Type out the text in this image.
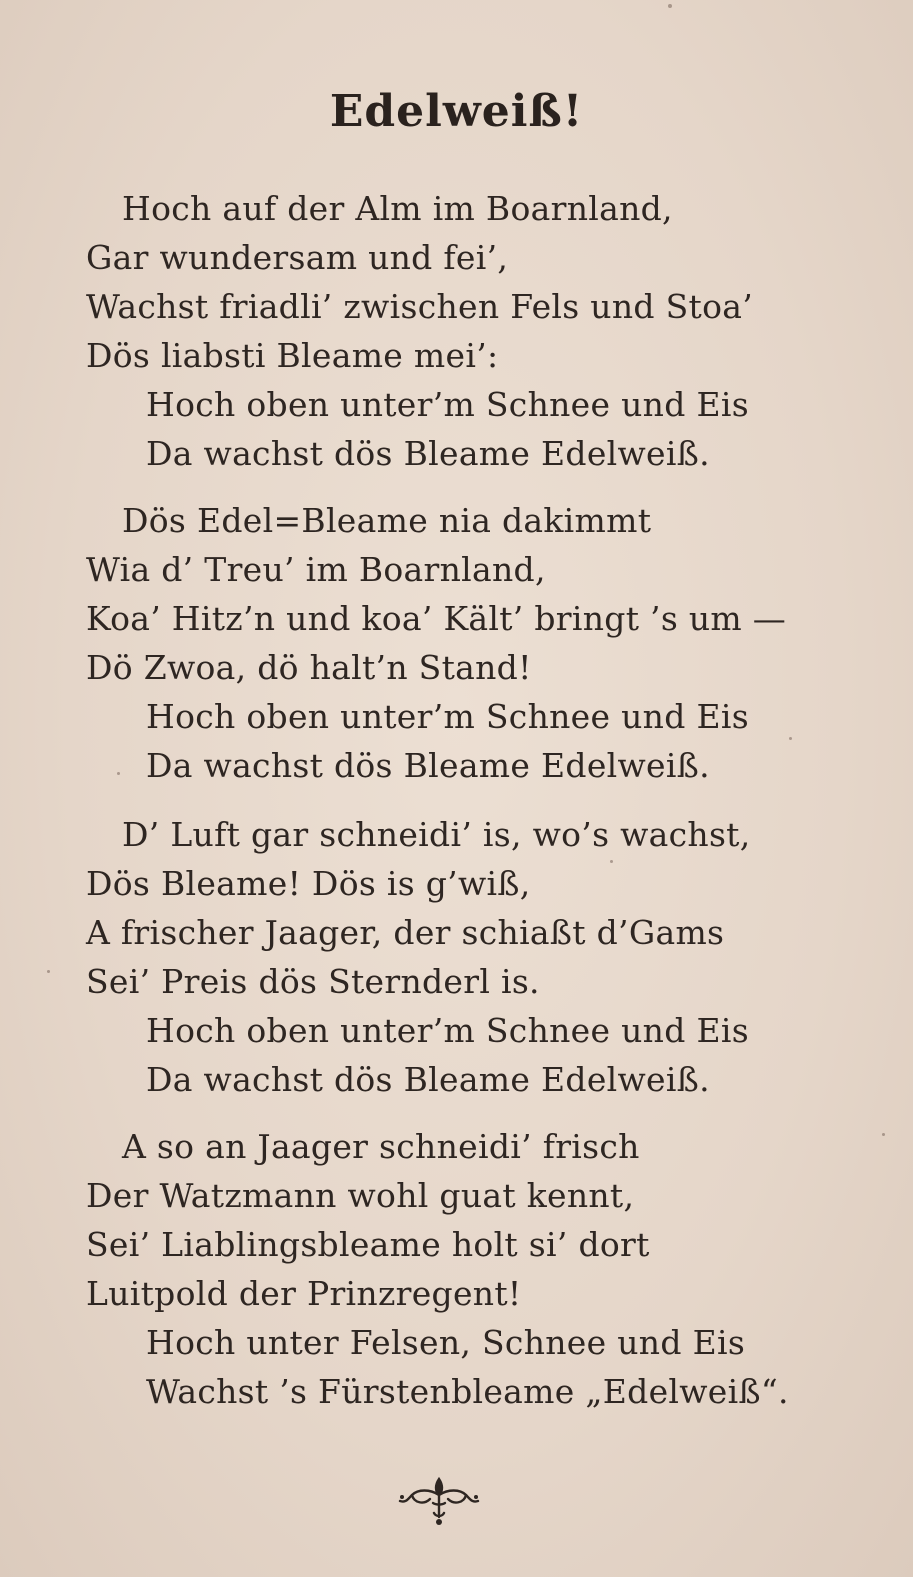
Edelweiß!
Hoch auf der Alm im Boarnland,
Gar wundersam und fei’,
Wachst friadli’ zwischen Fels und Stoa’
Dös liabsti Bleame mei’:
Hoch oben unter’m Schnee und Eis
Da wachst dös Bleame Edelweiß.
Dös Edel=Bleame nia dakimmt
Wia d’ Treu’ im Boarnland,
Koa’ Hitz’n und koa’ Kält’ bringt ’s um —
Dö Zwoa, dö halt’n Stand!
Hoch oben unter’m Schnee und Eis
Da wachst dös Bleame Edelweiß.
D’ Luft gar schneidi’ is, wo’s wachst,
Dös Bleame! Dös is g’wiß,
A frischer Jaager, der schiaßt d’Gams
Sei’ Preis dös Sternderl is.
Hoch oben unter’m Schnee und Eis
Da wachst dös Bleame Edelweiß.
A so an Jaager schneidi’ frisch
Der Watzmann wohl guat kennt,
Sei’ Liablingsbleame holt si’ dort
Luitpold der Prinzregent!
Hoch unter Felsen, Schnee und Eis
Wachst ’s Fürstenbleame „Edelweiß“.
